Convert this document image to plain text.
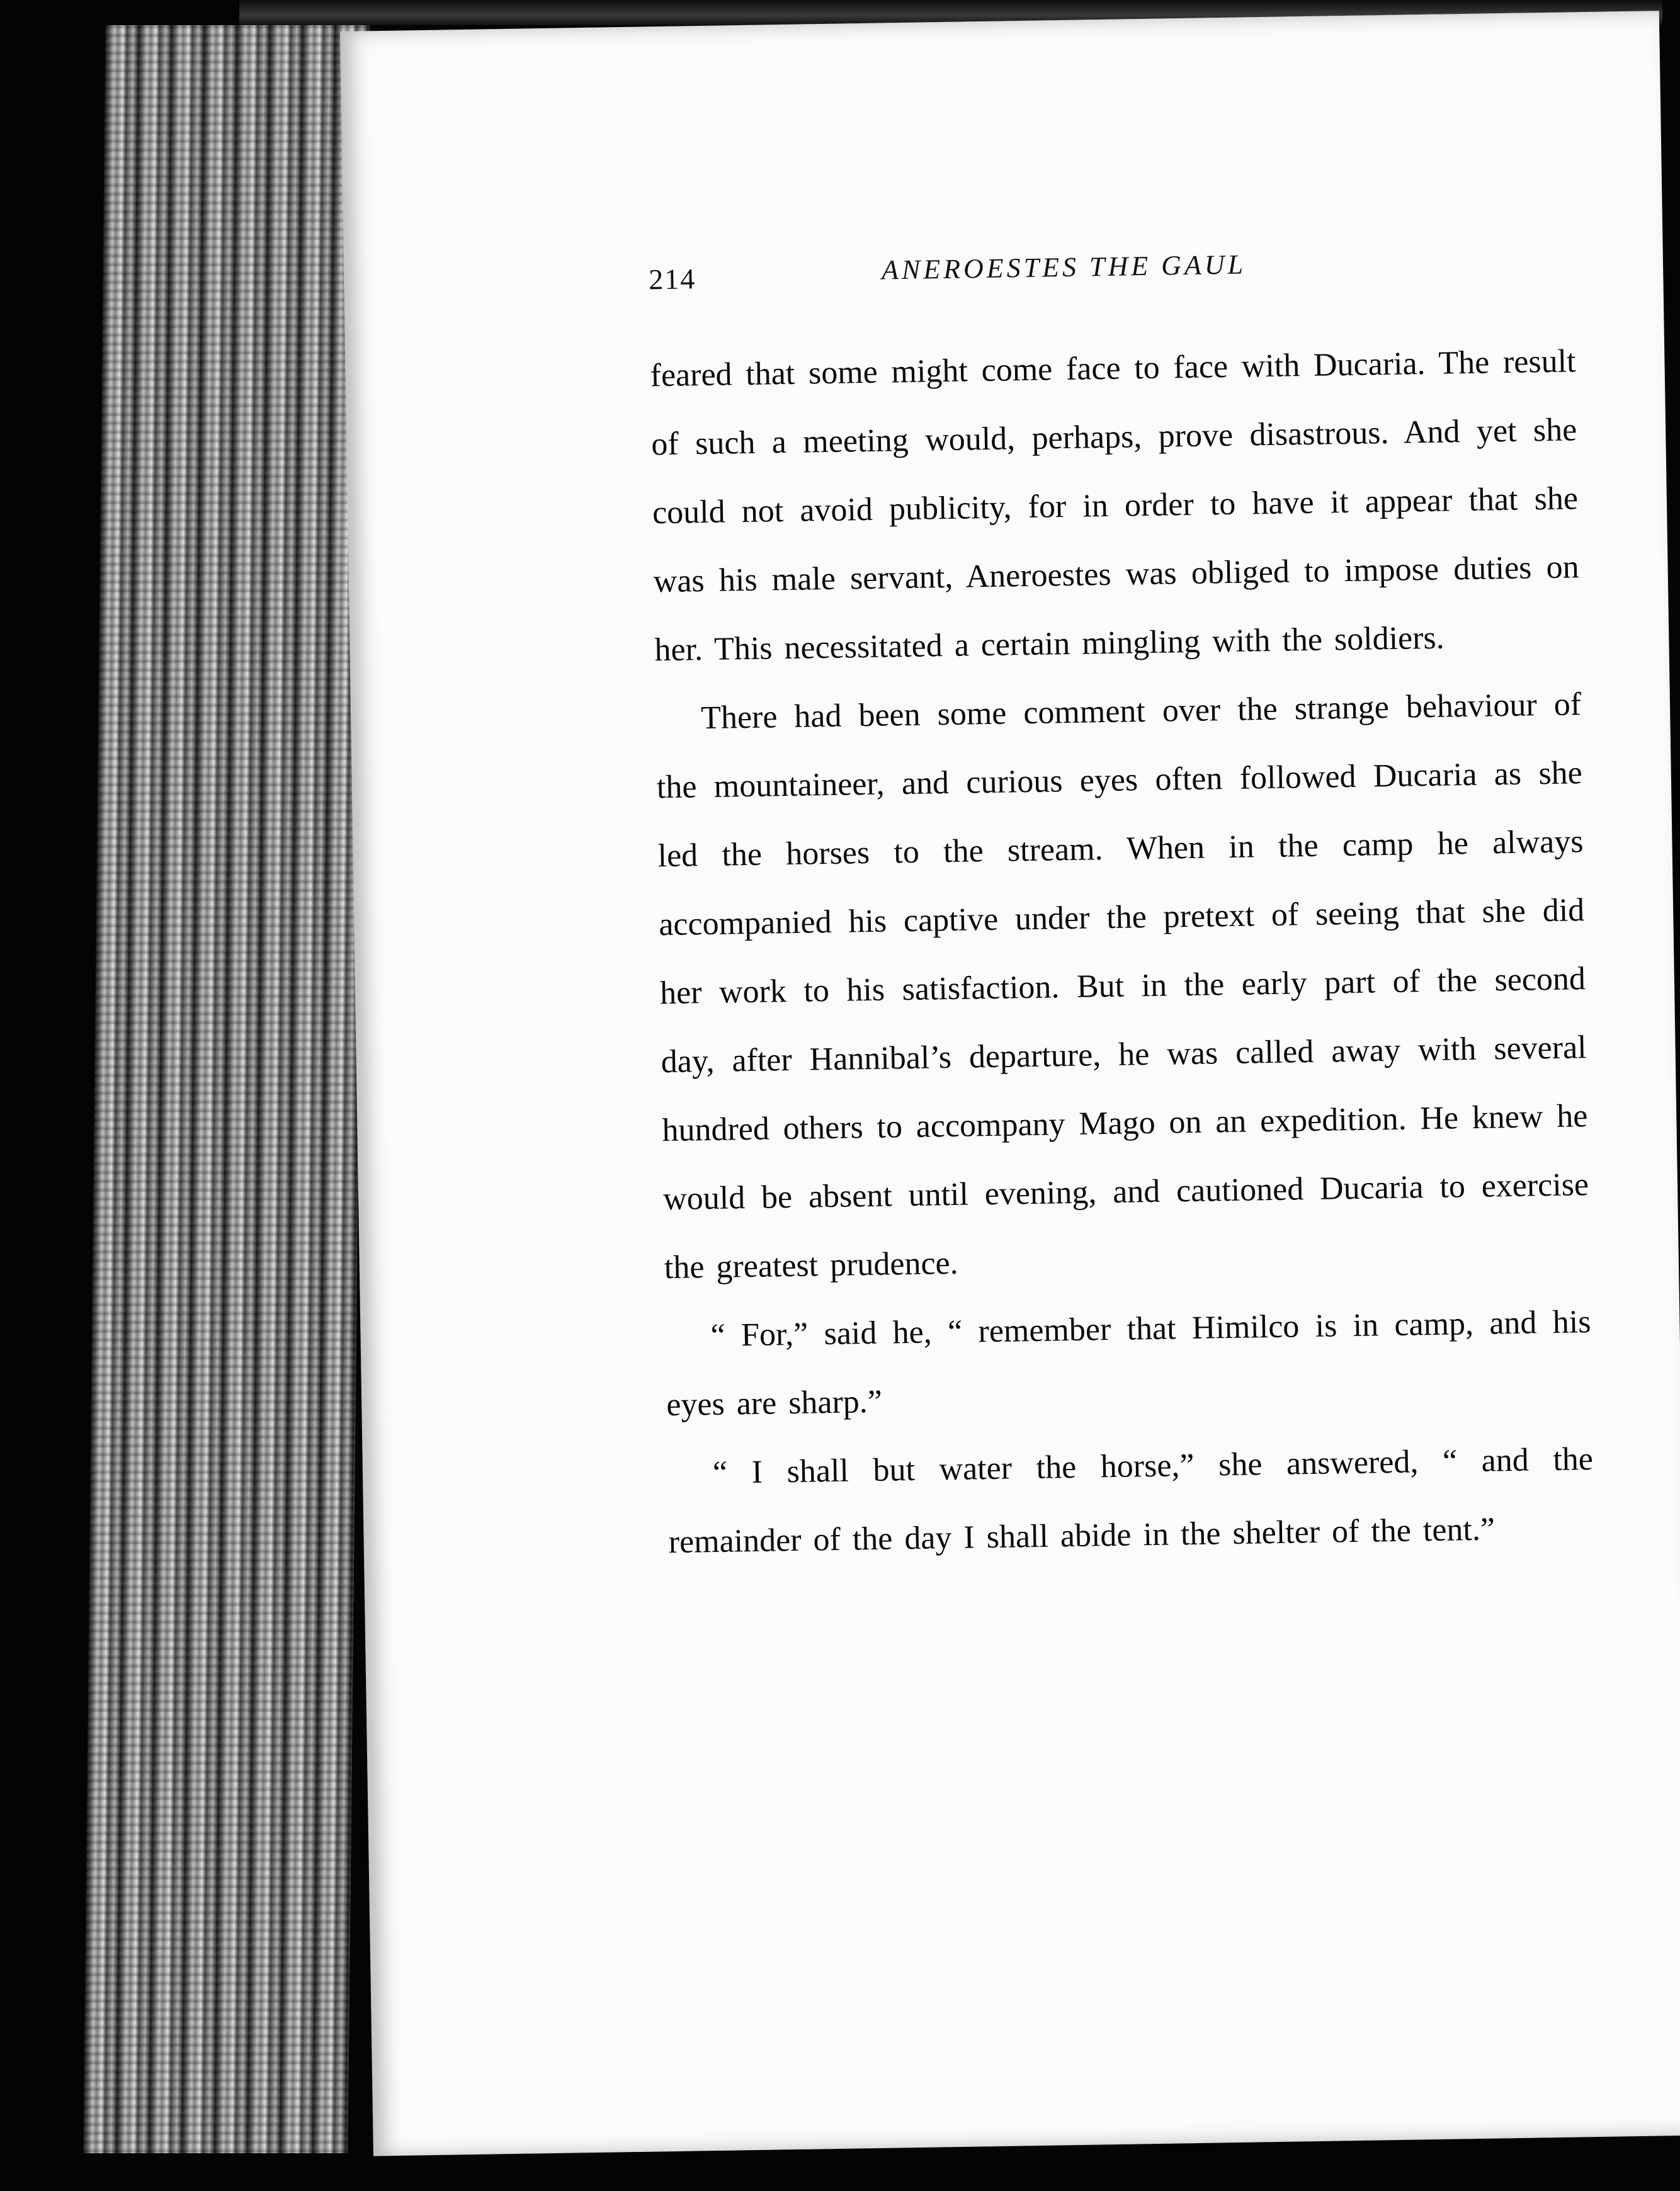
214	ANEROESTES THE GAUL

feared that some might come face to face with Ducaria. The result of such a meeting would, perhaps, prove disastrous. And yet she could not avoid publicity, for in order to have it appear that she was his male servant, Aneroestes was obliged to impose duties on her. This necessitated a certain mingling with the soldiers.

There had been some comment over the strange behaviour of the mountaineer, and curious eyes often followed Ducaria as she led the horses to the stream. When in the camp he always accompanied his captive under the pretext of seeing that she did her work to his satisfaction. But in the early part of the second day, after Hannibal’s departure, he was called away with several hundred others to accompany Mago on an expedition. He knew he would be absent until evening, and cautioned Ducaria to exercise the greatest prudence.

“ For,” said he, “ remember that Himilco is in camp, and his eyes are sharp.”

“ I shall but water the horse,” she answered, “ and the remainder of the day I shall abide in the shelter of the tent.”
